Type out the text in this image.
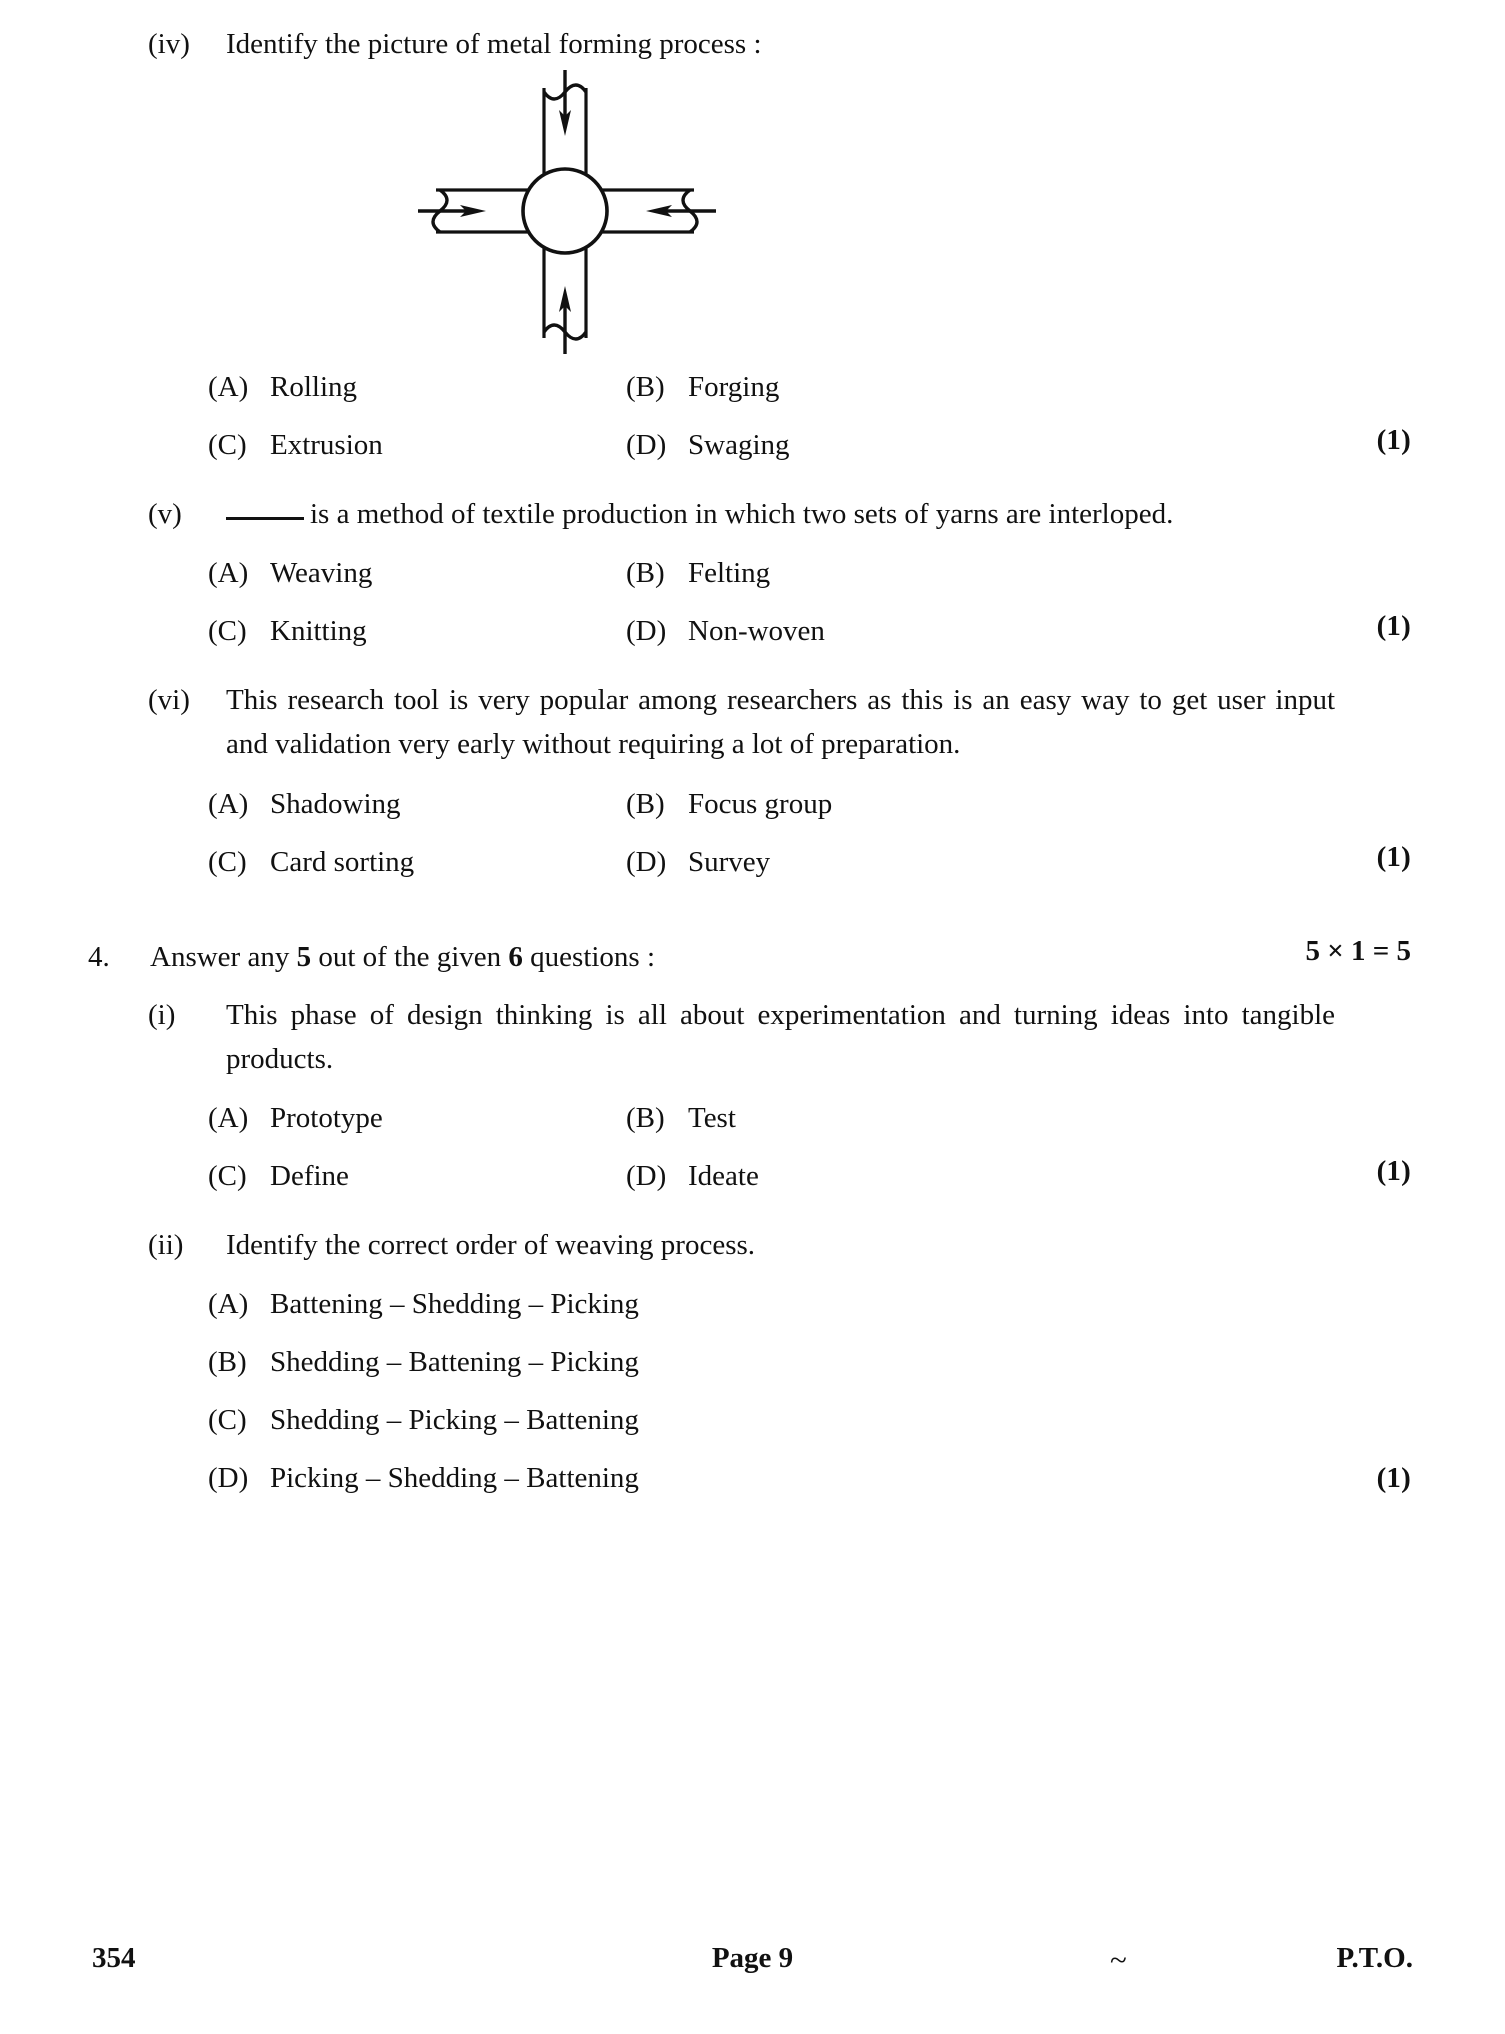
(iv)	Identify the picture of metal forming process :
(A) Rolling	(B) Forging
(C) Extrusion	(D) Swaging	(1)
(v)	is a method of textile production in which two sets of yarns are interloped.
(A) Weaving	(B) Felting
(C) Knitting	(D) Non-woven	(1)
(vi)	This research tool is very popular among researchers as this is an easy way to get user input and validation very early without requiring a lot of preparation.
(A) Shadowing	(B) Focus group
(C) Card sorting	(D) Survey	(1)
4.	Answer any 5 out of the given 6 questions :	5 × 1 = 5
(i)	This phase of design thinking is all about experimentation and turning ideas into tangible products.
(A) Prototype	(B) Test
(C) Define	(D) Ideate	(1)
(ii)	Identify the correct order of weaving process.
(A) Battening – Shedding – Picking
(B) Shedding – Battening – Picking
(C) Shedding – Picking – Battening
(D) Picking – Shedding – Battening	(1)
354	Page 9	~	P.T.O.
